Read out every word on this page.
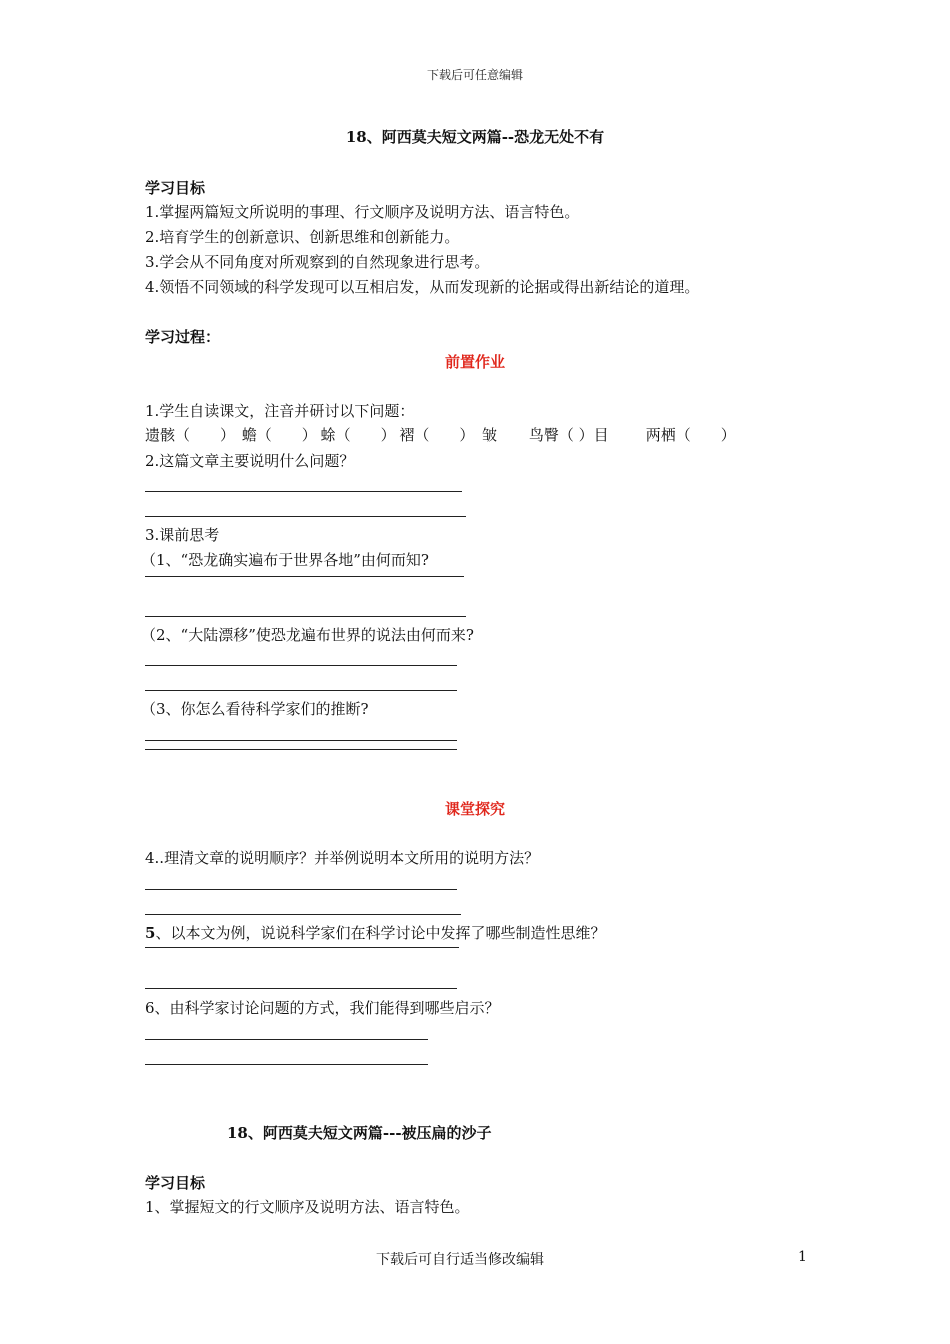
下载后可任意编辑
18、阿西莫夫短文两篇--恐龙无处不有
学习目标
1.掌握两篇短文所说明的事理、行文顺序及说明方法、语言特色。
2.培育学生的创新意识、创新思维和创新能力。
3.学会从不同角度对所观察到的自然现象进行思考。
4.领悟不同领域的科学发现可以互相启发，从而发现新的论据或得出新结论的道理。
学习过程：
前置作业
1.学生自读课文，注音并研讨以下问题：
遗骸（　　） 蟾（　　） 蜍（　　） 褶（　　） 皱 鸟臀（ ）目 两栖（　　）
2.这篇文章主要说明什么问题？
3.课前思考
（1、“恐龙确实遍布于世界各地”由何而知?
（2、“大陆漂移”使恐龙遍布世界的说法由何而来?
（3、你怎么看待科学家们的推断?
课堂探究
4..理清文章的说明顺序？并举例说明本文所用的说明方法？
5、以本文为例，说说科学家们在科学讨论中发挥了哪些制造性思维？
6、由科学家讨论问题的方式，我们能得到哪些启示？
18、阿西莫夫短文两篇---被压扁的沙子
学习目标
1、掌握短文的行文顺序及说明方法、语言特色。
下载后可自行适当修改编辑	1
